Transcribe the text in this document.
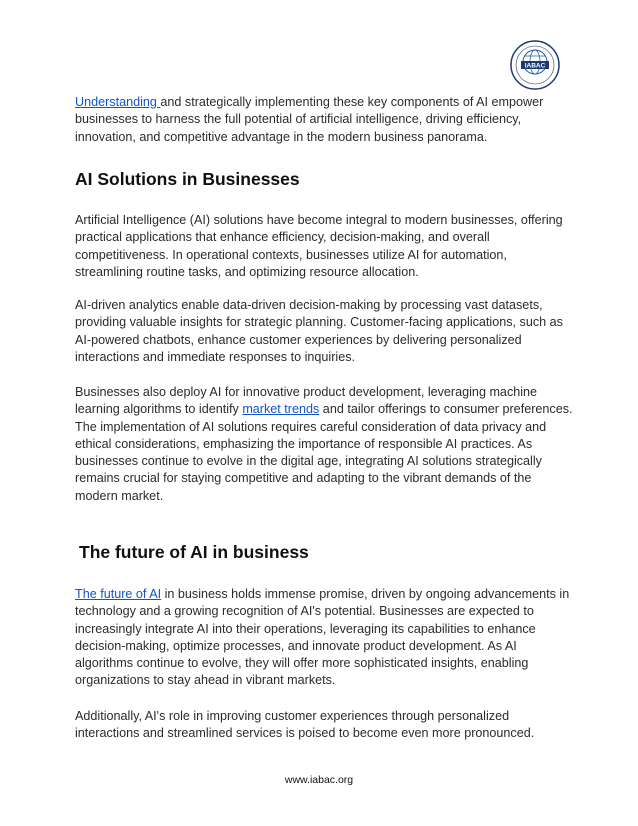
IABAC

Understanding and strategically implementing these key components of AI empower businesses to harness the full potential of artificial intelligence, driving efficiency, innovation, and competitive advantage in the modern business panorama.

AI Solutions in Businesses

Artificial Intelligence (AI) solutions have become integral to modern businesses, offering practical applications that enhance efficiency, decision-making, and overall competitiveness. In operational contexts, businesses utilize AI for automation, streamlining routine tasks, and optimizing resource allocation.

AI-driven analytics enable data-driven decision-making by processing vast datasets, providing valuable insights for strategic planning. Customer-facing applications, such as AI-powered chatbots, enhance customer experiences by delivering personalized interactions and immediate responses to inquiries.

Businesses also deploy AI for innovative product development, leveraging machine learning algorithms to identify market trends and tailor offerings to consumer preferences. The implementation of AI solutions requires careful consideration of data privacy and ethical considerations, emphasizing the importance of responsible AI practices. As businesses continue to evolve in the digital age, integrating AI solutions strategically remains crucial for staying competitive and adapting to the vibrant demands of the modern market.

The future of AI in business

The future of AI in business holds immense promise, driven by ongoing advancements in technology and a growing recognition of AI's potential. Businesses are expected to increasingly integrate AI into their operations, leveraging its capabilities to enhance decision-making, optimize processes, and innovate product development. As AI algorithms continue to evolve, they will offer more sophisticated insights, enabling organizations to stay ahead in vibrant markets.

Additionally, AI's role in improving customer experiences through personalized interactions and streamlined services is poised to become even more pronounced.

www.iabac.org
